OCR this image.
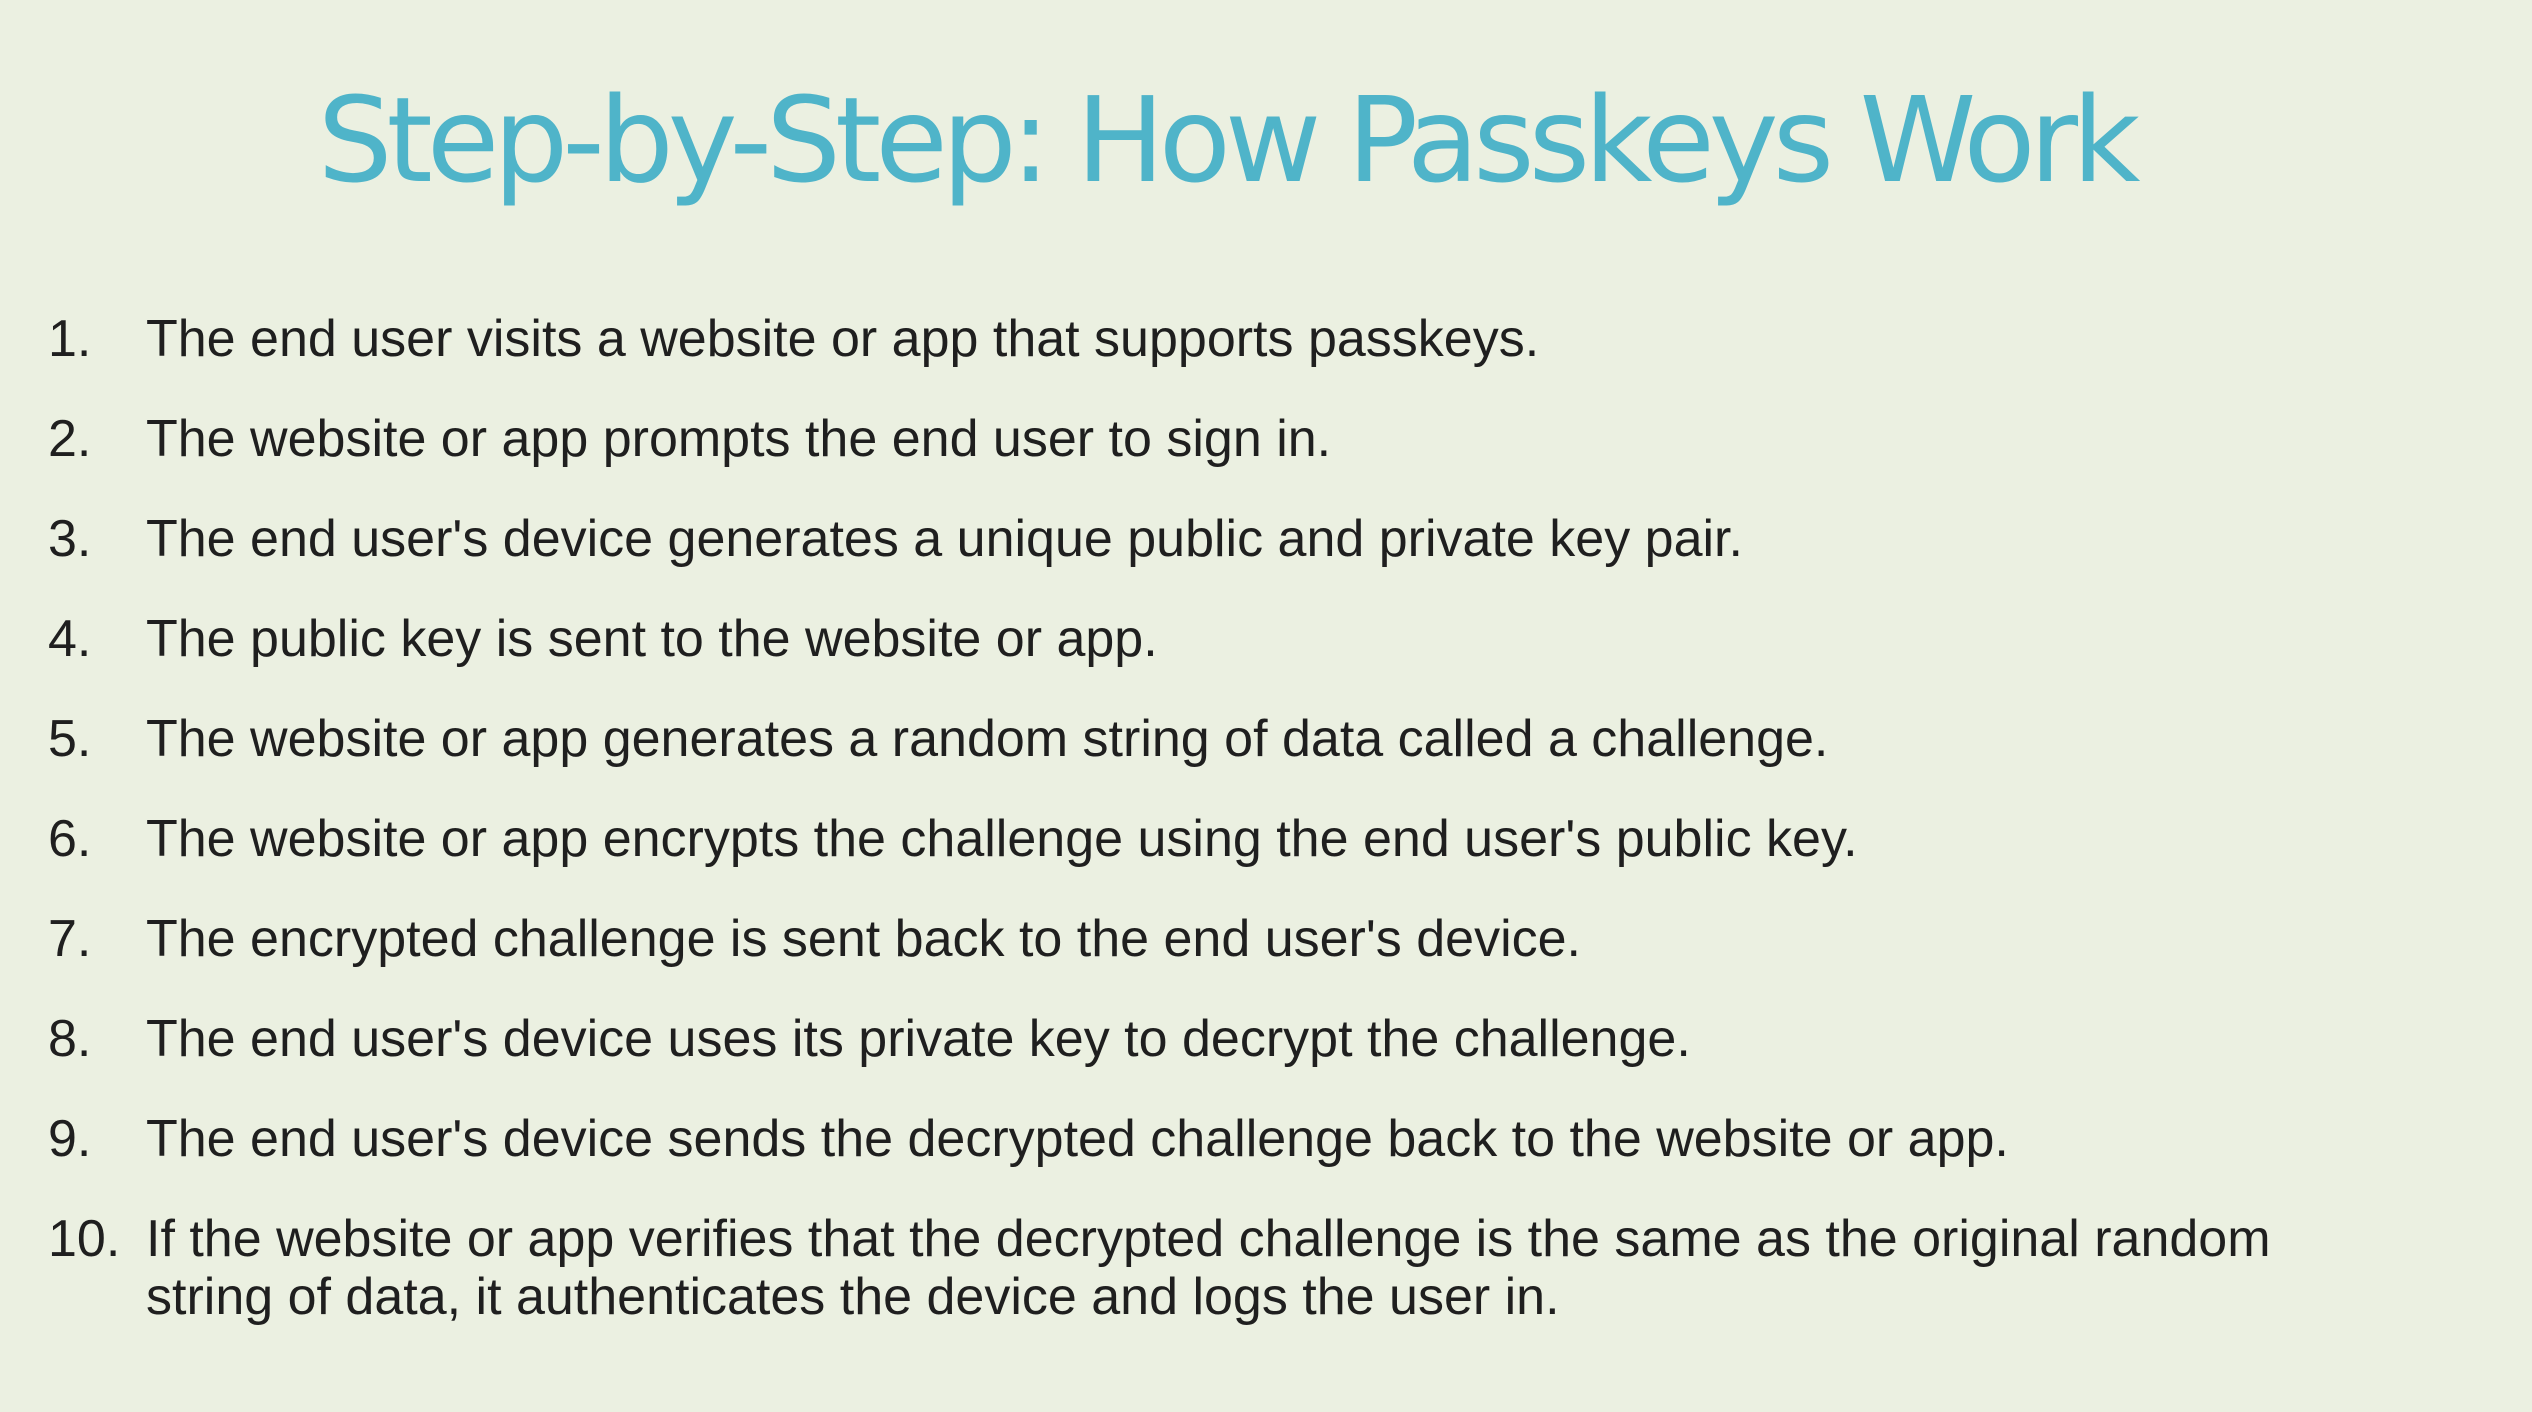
Step-by-Step: How Passkeys Work
1. The end user visits a website or app that supports passkeys.
2. The website or app prompts the end user to sign in.
3. The end user's device generates a unique public and private key pair.
4. The public key is sent to the website or app.
5. The website or app generates a random string of data called a challenge.
6. The website or app encrypts the challenge using the end user's public key.
7. The encrypted challenge is sent back to the end user's device.
8. The end user's device uses its private key to decrypt the challenge.
9. The end user's device sends the decrypted challenge back to the website or app.
10. If the website or app verifies that the decrypted challenge is the same as the original random string of data, it authenticates the device and logs the user in.
